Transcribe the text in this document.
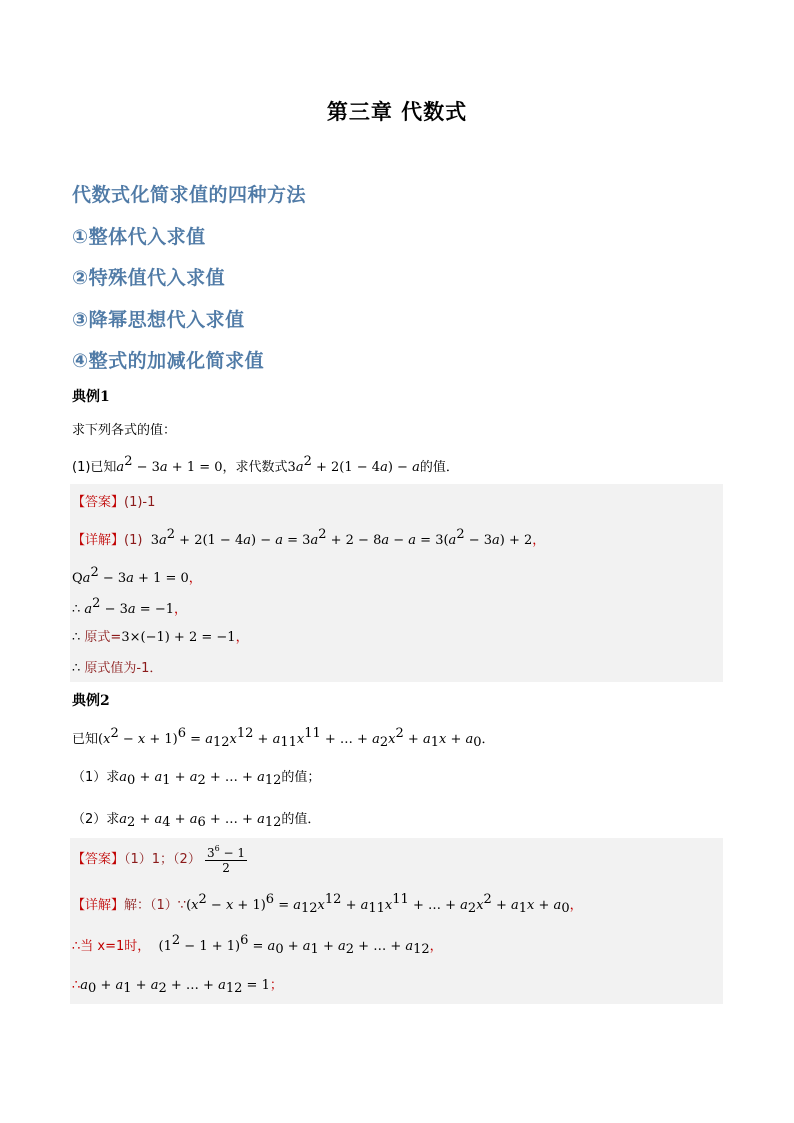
第三章 代数式
代数式化简求值的四种方法
①整体代入求值
②特殊值代入求值
③降幂思想代入求值
④整式的加减化简求值
典例1
求下列各式的值：
(1)已知$a^2 - 3a + 1 = 0$，求代数式$3a^2 + 2(1 - 4a) - a$的值．
【答案】(1)-1
【详解】(1) $3a^2 + 2(1 - 4a) - a = 3a^2 + 2 - 8a - a = 3(a^2 - 3a) + 2$，
$Qa^2 - 3a + 1 = 0$，
∴ $a^2 - 3a = -1$，
∴ 原式=3×(−1) + 2 = −1，
∴ 原式值为-1．
典例2
已知$(x^2 - x + 1)^6 = a_{12}x^{12} + a_{11}x^{11}$ + … + $a_2x^2 + a_1x + a_0$．
（1）求$a_0 + a_1 + a_2$ + … + $a_{12}$的值；
（2）求$a_2 + a_4 + a_6$ + … + $a_{12}$的值．
【答案】（1）1；$(2) \frac{3^6 - 1}{2}$
【详解】解：$(1)\because(x^2 - x + 1)^6 = a_{12}x^{12} + a_{11}x^{11}$ + … + $a_2x^2 + a_1x + a_0$，
∴当 x=1时， $(1^2 - 1 + 1)^6 = a_0 + a_1 + a_2$ + … + $a_{12}$，
$\therefore a_0 + a_1 + a_2$ + … + $a_{12} = 1$；
